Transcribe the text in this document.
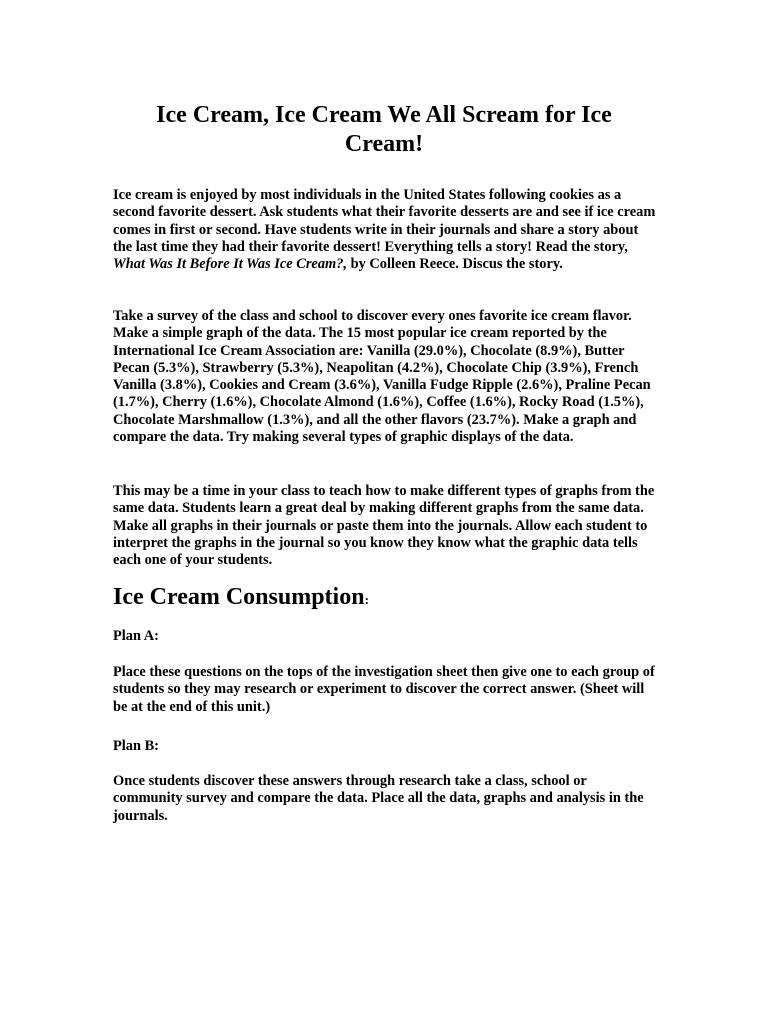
Ice Cream, Ice Cream We All Scream for Ice Cream!

Ice cream is enjoyed by most individuals in the United States following cookies as a second favorite dessert. Ask students what their favorite desserts are and see if ice cream comes in first or second. Have students write in their journals and share a story about the last time they had their favorite dessert! Everything tells a story! Read the story, What Was It Before It Was Ice Cream?, by Colleen Reece. Discus the story.

Take a survey of the class and school to discover every ones favorite ice cream flavor. Make a simple graph of the data. The 15 most popular ice cream reported by the International Ice Cream Association are: Vanilla (29.0%), Chocolate (8.9%), Butter Pecan (5.3%), Strawberry (5.3%), Neapolitan (4.2%), Chocolate Chip (3.9%), French Vanilla (3.8%), Cookies and Cream (3.6%), Vanilla Fudge Ripple (2.6%), Praline Pecan (1.7%), Cherry (1.6%), Chocolate Almond (1.6%), Coffee (1.6%), Rocky Road (1.5%), Chocolate Marshmallow (1.3%), and all the other flavors (23.7%). Make a graph and compare the data. Try making several types of graphic displays of the data.

This may be a time in your class to teach how to make different types of graphs from the same data. Students learn a great deal by making different graphs from the same data. Make all graphs in their journals or paste them into the journals. Allow each student to interpret the graphs in the journal so you know they know what the graphic data tells each one of your students.

Ice Cream Consumption:

Plan A:

Place these questions on the tops of the investigation sheet then give one to each group of students so they may research or experiment to discover the correct answer. (Sheet will be at the end of this unit.)

Plan B:

Once students discover these answers through research take a class, school or community survey and compare the data. Place all the data, graphs and analysis in the journals.
